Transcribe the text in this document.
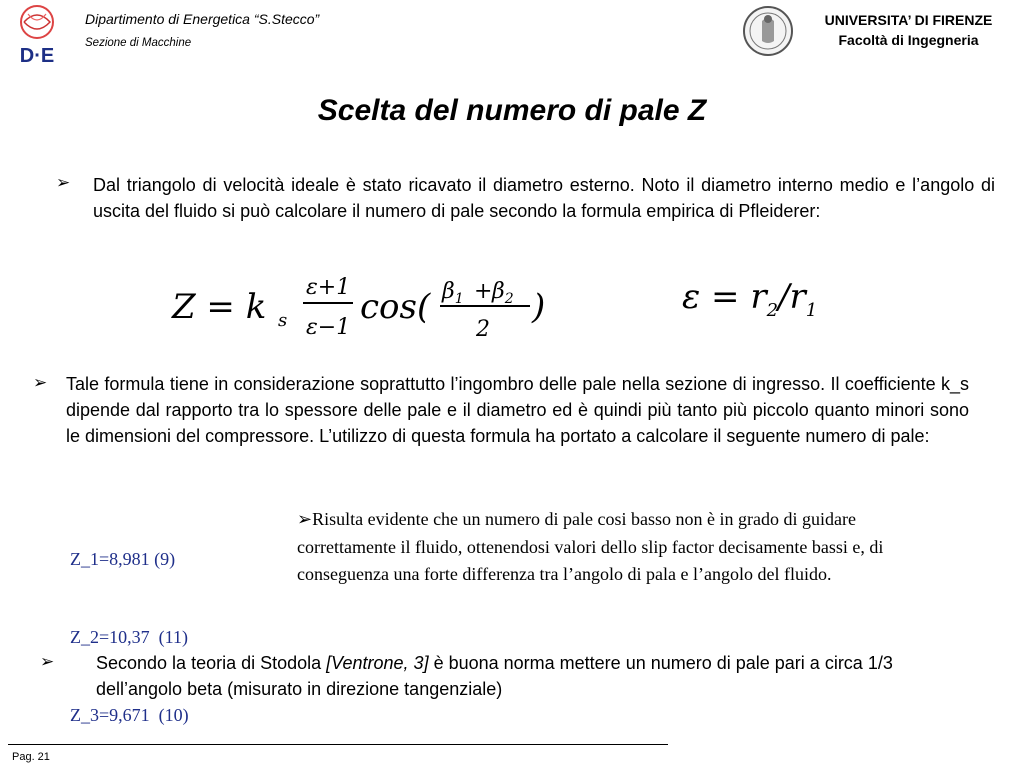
D·E
Dipartimento di Energetica “S.Stecco”
Sezione di Macchine
UNIVERSITA’ DI FIRENZE
Facoltà di Ingegneria
Scelta del numero di pale Z
➢ Dal triangolo di velocità ideale è stato ricavato il diametro esterno. Noto il diametro interno medio e l’angolo di uscita del fluido si può calcolare il numero di pale secondo la formula empirica di Pfleiderer:
Z = k s
ε+1
ε−1
cos( $\beta_1 + \beta_2$
2
)	$\varepsilon = r_2/r_1$
➢ Tale formula tiene in considerazione soprattutto l’ingombro delle pale nella sezione di ingresso. Il coefficiente k_s dipende dal rapporto tra lo spessore delle pale e il diametro ed è quindi più tanto più piccolo quanto minori sono le dimensioni del compressore. L’utilizzo di questa formula ha portato a calcolare il seguente numero di pale:

Z_1=8,981 (9)

Z_2=10,37  (11)

Z_3=9,671  (10)

➢Risulta evidente che un numero di pale cosi basso non è in grado di guidare correttamente il fluido, ottenendosi valori dello slip factor decisamente bassi e, di conseguenza una forte differenza tra l’angolo di pala e l’angolo del fluido.
➢ Secondo la teoria di Stodola [Ventrone, 3] è buona norma mettere un numero di pale pari a circa 1/3 dell’angolo beta (misurato in direzione tangenziale)
Pag. 21
